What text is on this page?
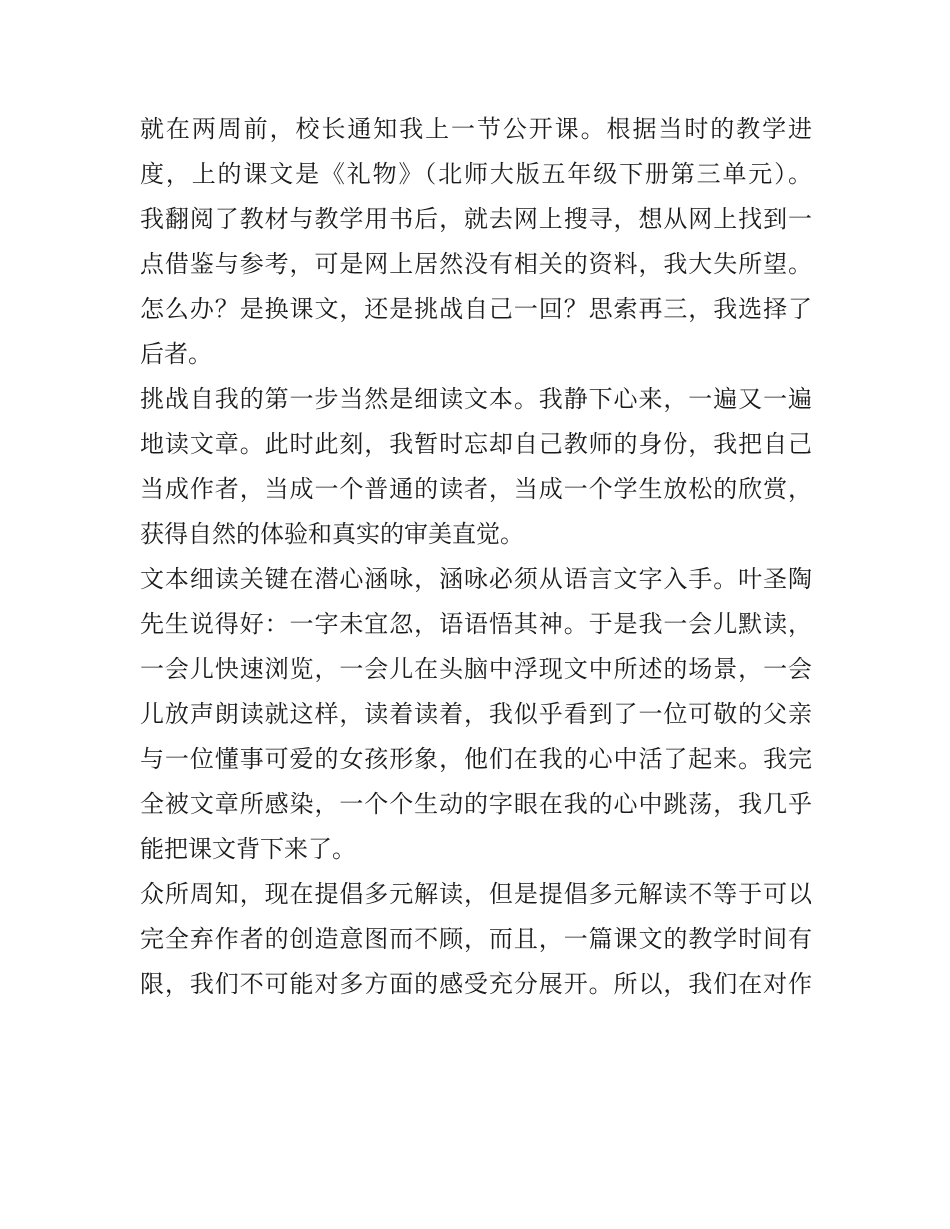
就在两周前，校长通知我上一节公开课。根据当时的教学进
度，上的课文是《礼物》（北师大版五年级下册第三单元）。
我翻阅了教材与教学用书后，就去网上搜寻，想从网上找到一
点借鉴与参考，可是网上居然没有相关的资料，我大失所望。
怎么办？是换课文，还是挑战自己一回？思索再三，我选择了
后者。
挑战自我的第一步当然是细读文本。我静下心来，一遍又一遍
地读文章。此时此刻，我暂时忘却自己教师的身份，我把自己
当成作者，当成一个普通的读者，当成一个学生放松的欣赏，
获得自然的体验和真实的审美直觉。
文本细读关键在潜心涵咏，涵咏必须从语言文字入手。叶圣陶
先生说得好：一字未宜忽，语语悟其神。于是我一会儿默读，
一会儿快速浏览，一会儿在头脑中浮现文中所述的场景，一会
儿放声朗读就这样，读着读着，我似乎看到了一位可敬的父亲
与一位懂事可爱的女孩形象，他们在我的心中活了起来。我完
全被文章所感染，一个个生动的字眼在我的心中跳荡，我几乎
能把课文背下来了。
众所周知，现在提倡多元解读，但是提倡多元解读不等于可以
完全弃作者的创造意图而不顾，而且，一篇课文的教学时间有
限，我们不可能对多方面的感受充分展开。所以，我们在对作
